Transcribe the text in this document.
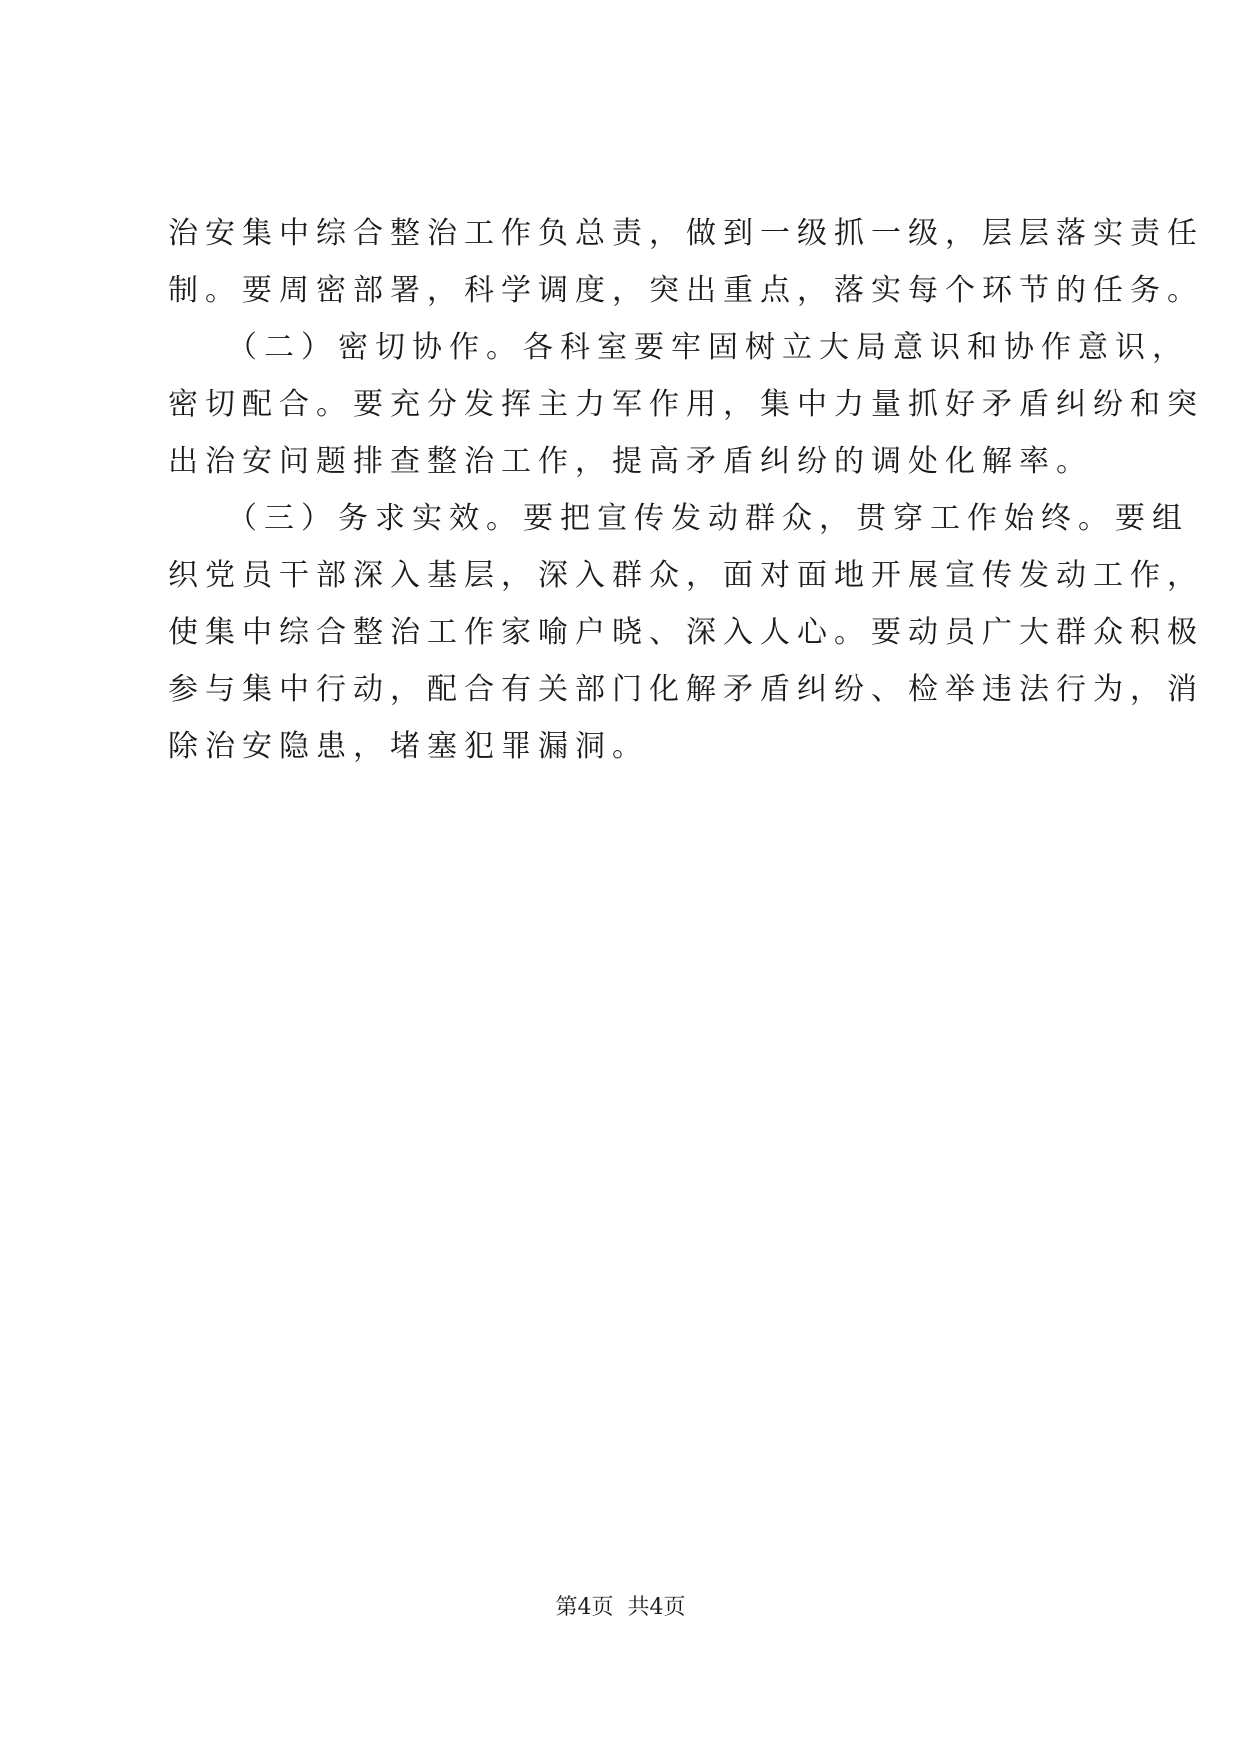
治安集中综合整治工作负总责，做到一级抓一级，层层落实责任
制。要周密部署，科学调度，突出重点，落实每个环节的任务。
　　（二）密切协作。各科室要牢固树立大局意识和协作意识，
密切配合。要充分发挥主力军作用，集中力量抓好矛盾纠纷和突
出治安问题排查整治工作，提高矛盾纠纷的调处化解率。
　　（三）务求实效。要把宣传发动群众，贯穿工作始终。要组
织党员干部深入基层，深入群众，面对面地开展宣传发动工作，
使集中综合整治工作家喻户晓、深入人心。要动员广大群众积极
参与集中行动，配合有关部门化解矛盾纠纷、检举违法行为，消
除治安隐患，堵塞犯罪漏洞。
第4页 共4页
